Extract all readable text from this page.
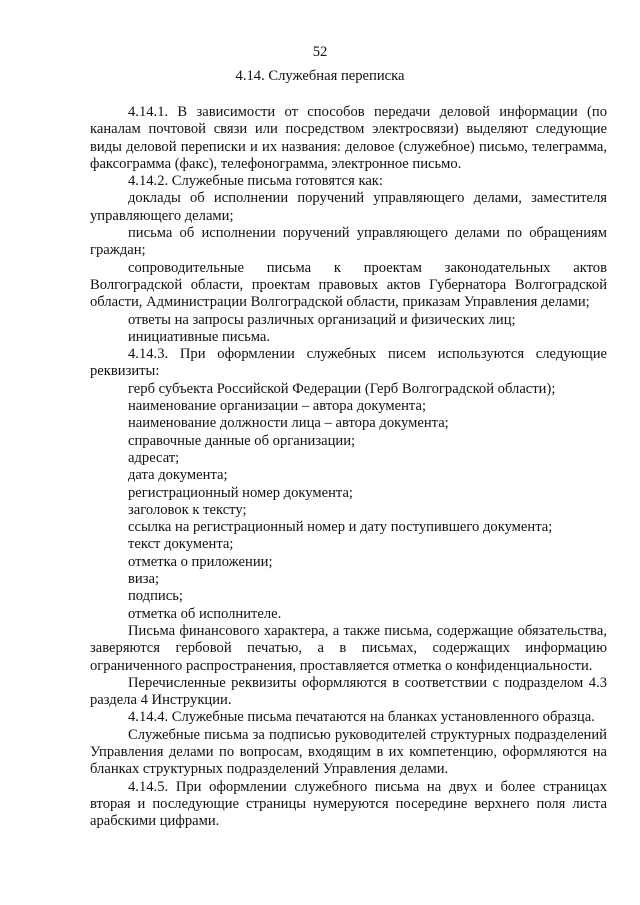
52
4.14. Служебная переписка

4.14.1. В зависимости от способов передачи деловой информации (по каналам почтовой связи или посредством электросвязи) выделяют следующие виды деловой переписки и их названия: деловое (служебное) письмо, телеграмма, факсограмма (факс), телефонограмма, электронное письмо.

4.14.2. Служебные письма готовятся как:

доклады об исполнении поручений управляющего делами, заместителя управляющего делами;

письма об исполнении поручений управляющего делами по обращениям граждан;

сопроводительные письма к проектам законодательных актов Волгоградской области, проектам правовых актов Губернатора Волгоградской области, Администрации Волгоградской области, приказам Управления делами;

ответы на запросы различных организаций и физических лиц;

инициативные письма.

4.14.3. При оформлении служебных писем используются следующие реквизиты:

герб субъекта Российской Федерации (Герб Волгоградской области);

наименование организации – автора документа;

наименование должности лица – автора документа;

справочные данные об организации;

адресат;

дата документа;

регистрационный номер документа;

заголовок к тексту;

ссылка на регистрационный номер и дату поступившего документа;

текст документа;

отметка о приложении;

виза;

подпись;

отметка об исполнителе.

Письма финансового характера, а также письма, содержащие обязательства, заверяются гербовой печатью, а в письмах, содержащих информацию ограниченного распространения, проставляется отметка о конфиденциальности.

Перечисленные реквизиты оформляются в соответствии с подразделом 4.3 раздела 4 Инструкции.

4.14.4. Служебные письма печатаются на бланках установленного образца.

Служебные письма за подписью руководителей структурных подразделений Управления делами по вопросам, входящим в их компетенцию, оформляются на бланках структурных подразделений Управления делами.

4.14.5. При оформлении служебного письма на двух и более страницах вторая и последующие страницы нумеруются посередине верхнего поля листа арабскими цифрами.
